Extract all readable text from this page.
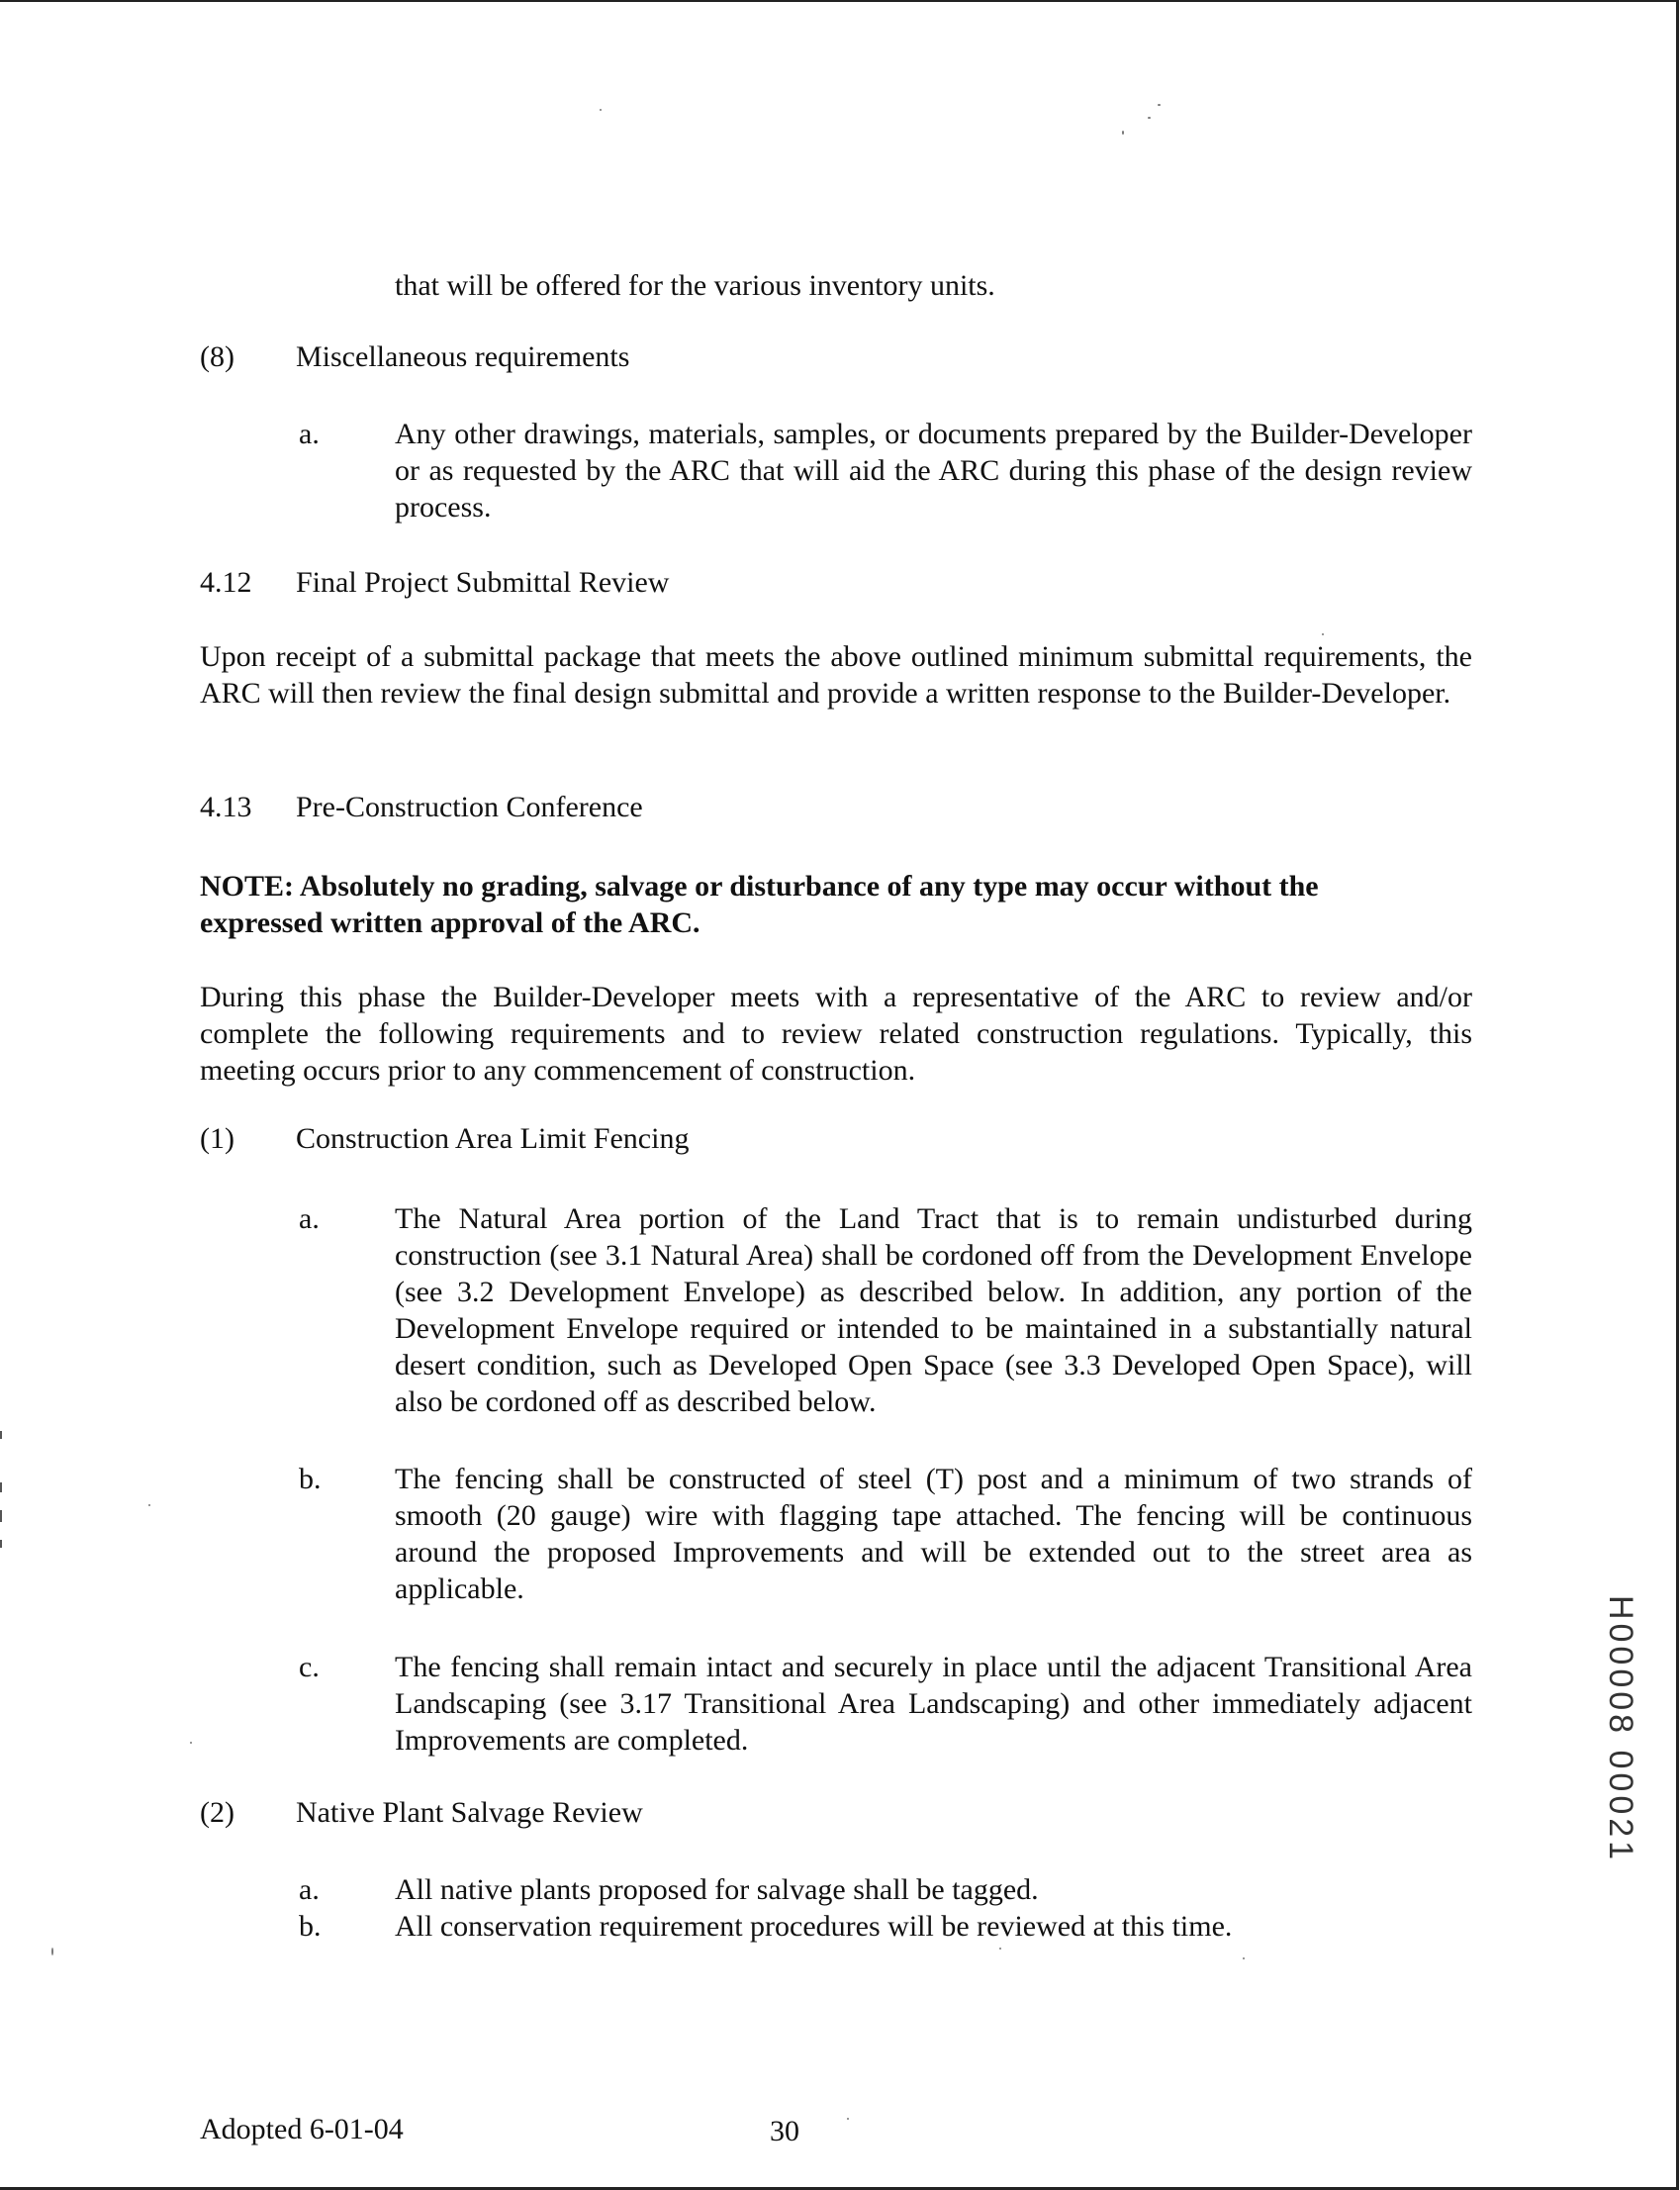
that will be offered for the various inventory units.
(8) Miscellaneous requirements
a.	Any other drawings, materials, samples, or documents prepared by the Builder-Developer or as requested by the ARC that will aid the ARC during this phase of the design review process.
4.12 Final Project Submittal Review
Upon receipt of a submittal package that meets the above outlined minimum submittal requirements, the ARC will then review the final design submittal and provide a written response to the Builder-Developer.
4.13 Pre-Construction Conference
NOTE: Absolutely no grading, salvage or disturbance of any type may occur without the expressed written approval of the ARC.
During this phase the Builder-Developer meets with a representative of the ARC to review and/or complete the following requirements and to review related construction regulations. Typically, this meeting occurs prior to any commencement of construction.
(1) Construction Area Limit Fencing
a.	The Natural Area portion of the Land Tract that is to remain undisturbed during construction (see 3.1 Natural Area) shall be cordoned off from the Development Envelope (see 3.2 Development Envelope) as described below. In addition, any portion of the Development Envelope required or intended to be maintained in a substantially natural desert condition, such as Developed Open Space (see 3.3 Developed Open Space), will also be cordoned off as described below.
b. The fencing shall be constructed of steel (T) post and a minimum of two strands of smooth (20 gauge) wire with flagging tape attached. The fencing will be continuous around the proposed Improvements and will be extended out to the street area as applicable.
c.	The fencing shall remain intact and securely in place until the adjacent Transitional Area Landscaping (see 3.17 Transitional Area Landscaping) and other immediately adjacent Improvements are completed.
(2) Native Plant Salvage Review
a.	All native plants proposed for salvage shall be tagged.
b. All conservation requirement procedures will be reviewed at this time.
Adopted 6-01-04	30
H00008 00021
